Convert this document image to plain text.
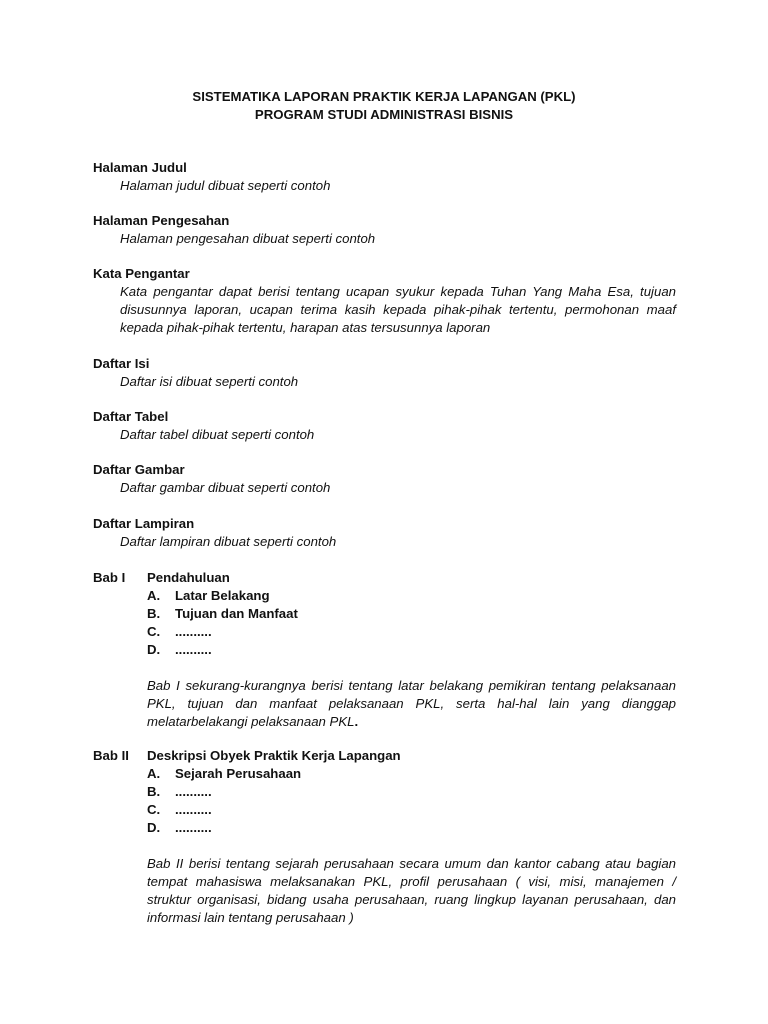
SISTEMATIKA LAPORAN PRAKTIK KERJA LAPANGAN (PKL)
PROGRAM STUDI ADMINISTRASI BISNIS
Halaman Judul
Halaman judul dibuat seperti contoh
Halaman Pengesahan
Halaman pengesahan dibuat seperti contoh
Kata Pengantar
Kata pengantar dapat berisi tentang ucapan syukur kepada Tuhan Yang Maha Esa, tujuan disusunnya laporan, ucapan terima kasih kepada pihak-pihak tertentu, permohonan maaf kepada pihak-pihak tertentu, harapan atas tersusunnya laporan
Daftar Isi
Daftar isi dibuat seperti contoh
Daftar Tabel
Daftar tabel dibuat seperti contoh
Daftar Gambar
Daftar gambar dibuat seperti contoh
Daftar Lampiran
Daftar lampiran dibuat seperti contoh
Bab I	Pendahuluan
A.	Latar Belakang
B.	Tujuan dan Manfaat
C.	..........
D.	..........
Bab I sekurang-kurangnya berisi tentang latar belakang pemikiran tentang pelaksanaan PKL, tujuan dan manfaat pelaksanaan PKL, serta hal-hal lain yang dianggap melatarbelakangi pelaksanaan PKL.
Bab II	Deskripsi Obyek Praktik Kerja Lapangan
A.	Sejarah Perusahaan
B.	..........
C.	..........
D.	..........
Bab II berisi tentang sejarah perusahaan secara umum dan kantor cabang atau bagian tempat mahasiswa melaksanakan PKL, profil perusahaan ( visi, misi, manajemen / struktur organisasi, bidang usaha perusahaan, ruang lingkup layanan perusahaan, dan informasi lain tentang perusahaan )
